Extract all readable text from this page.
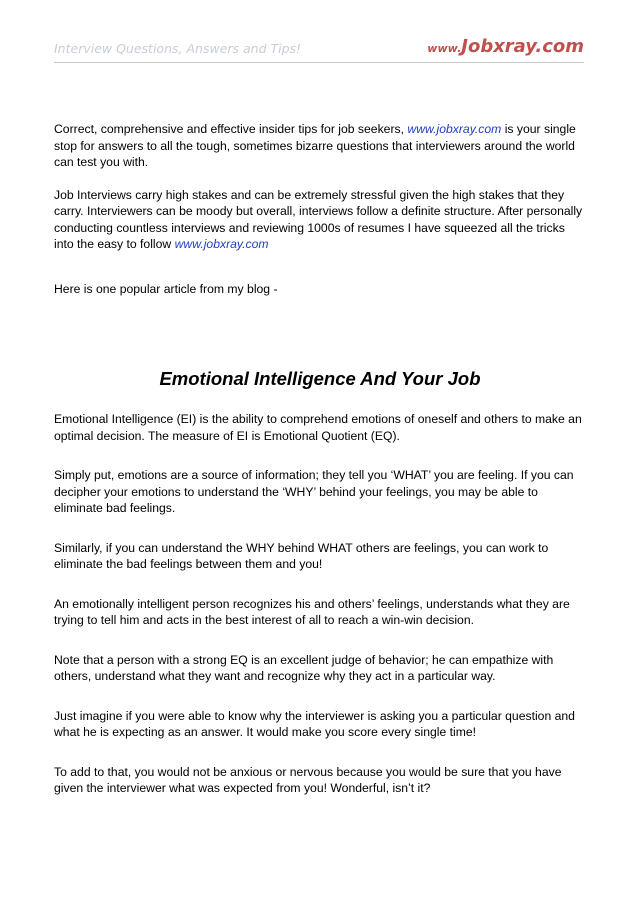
Interview Questions, Answers and Tips!	www.Jobxray.com

Correct, comprehensive and effective insider tips for job seekers, www.jobxray.com is your single stop for answers to all the tough, sometimes bizarre questions that interviewers around the world can test you with.

Job Interviews carry high stakes and can be extremely stressful given the high stakes that they carry. Interviewers can be moody but overall, interviews follow a definite structure. After personally conducting countless interviews and reviewing 1000s of resumes I have squeezed all the tricks into the easy to follow www.jobxray.com

Here is one popular article from my blog -

Emotional Intelligence And Your Job

Emotional Intelligence (EI) is the ability to comprehend emotions of oneself and others to make an optimal decision. The measure of EI is Emotional Quotient (EQ).

Simply put, emotions are a source of information; they tell you ‘WHAT’ you are feeling. If you can decipher your emotions to understand the ‘WHY’ behind your feelings, you may be able to eliminate bad feelings.

Similarly, if you can understand the WHY behind WHAT others are feelings, you can work to eliminate the bad feelings between them and you!

An emotionally intelligent person recognizes his and others’ feelings, understands what they are trying to tell him and acts in the best interest of all to reach a win-win decision.

Note that a person with a strong EQ is an excellent judge of behavior; he can empathize with others, understand what they want and recognize why they act in a particular way.

Just imagine if you were able to know why the interviewer is asking you a particular question and what he is expecting as an answer. It would make you score every single time!

To add to that, you would not be anxious or nervous because you would be sure that you have given the interviewer what was expected from you! Wonderful, isn’t it?
